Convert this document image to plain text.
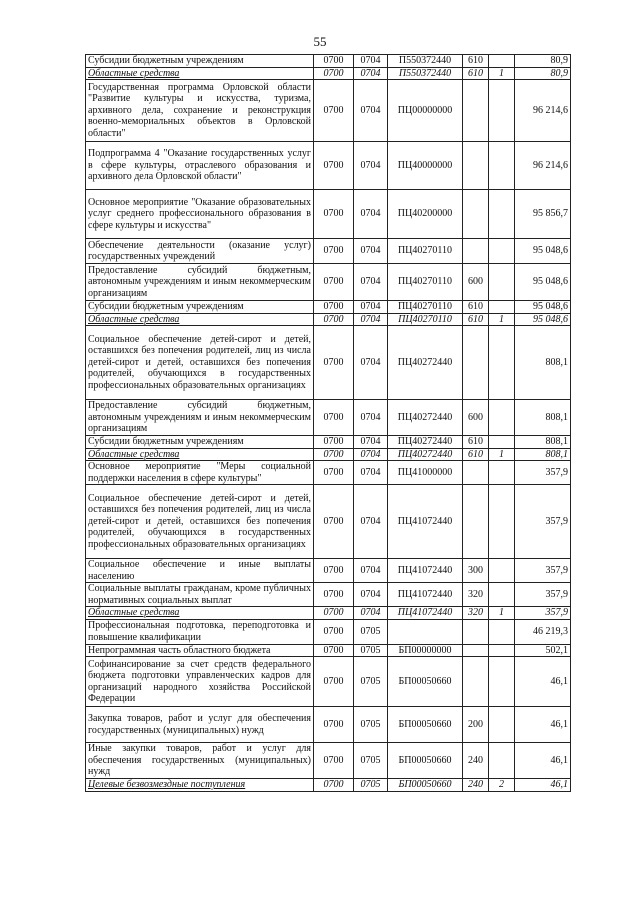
55
Субсидии бюджетным учреждениям	0700	0704	П550372440	610		80,9
Областные средства	0700	0704	П550372440	610	1	80,9
Государственная программа Орловской области "Развитие культуры и искусства, туризма, архивного дела, сохранение и реконструкция военно-мемориальных объектов в Орловской области"	0700	0704	ПЦ00000000			96 214,6
Подпрограмма 4 "Оказание государственных услуг в сфере культуры, отраслевого образования и архивного дела Орловской области"	0700	0704	ПЦ40000000			96 214,6
Основное мероприятие "Оказание образовательных услуг среднего профессионального образования в сфере культуры и искусства"	0700	0704	ПЦ40200000			95 856,7
Обеспечение деятельности (оказание услуг) государственных учреждений	0700	0704	ПЦ40270110			95 048,6
Предоставление субсидий бюджетным, автономным учреждениям и иным некоммерческим организациям	0700	0704	ПЦ40270110	600		95 048,6
Субсидии бюджетным учреждениям	0700	0704	ПЦ40270110	610		95 048,6
Областные средства	0700	0704	ПЦ40270110	610	1	95 048,6
Социальное обеспечение детей-сирот и детей, оставшихся без попечения родителей, лиц из числа детей-сирот и детей, оставшихся без попечения родителей, обучающихся в государственных профессиональных образовательных организациях	0700	0704	ПЦ40272440			808,1
Предоставление субсидий бюджетным, автономным учреждениям и иным некоммерческим организациям	0700	0704	ПЦ40272440	600		808,1
Субсидии бюджетным учреждениям	0700	0704	ПЦ40272440	610		808,1
Областные средства	0700	0704	ПЦ40272440	610	1	808,1
Основное мероприятие "Меры социальной поддержки населения в сфере культуры"	0700	0704	ПЦ41000000			357,9
Социальное обеспечение детей-сирот и детей, оставшихся без попечения родителей, лиц из числа детей-сирот и детей, оставшихся без попечения родителей, обучающихся в государственных профессиональных образовательных организациях	0700	0704	ПЦ41072440			357,9
Социальное обеспечение и иные выплаты населению	0700	0704	ПЦ41072440	300		357,9
Социальные выплаты гражданам, кроме публичных нормативных социальных выплат	0700	0704	ПЦ41072440	320		357,9
Областные средства	0700	0704	ПЦ41072440	320	1	357,9
Профессиональная подготовка, переподготовка и повышение квалификации	0700	0705				46 219,3
Непрограммная часть областного бюджета	0700	0705	БП00000000			502,1
Софинансирование за счет средств федерального бюджета подготовки управленческих кадров для организаций народного хозяйства Российской Федерации	0700	0705	БП00050660			46,1
Закупка товаров, работ и услуг для обеспечения государственных (муниципальных) нужд	0700	0705	БП00050660	200		46,1
Иные закупки товаров, работ и услуг для обеспечения государственных (муниципальных) нужд	0700	0705	БП00050660	240		46,1
Целевые безвозмездные поступления	0700	0705	БП00050660	240	2	46,1
